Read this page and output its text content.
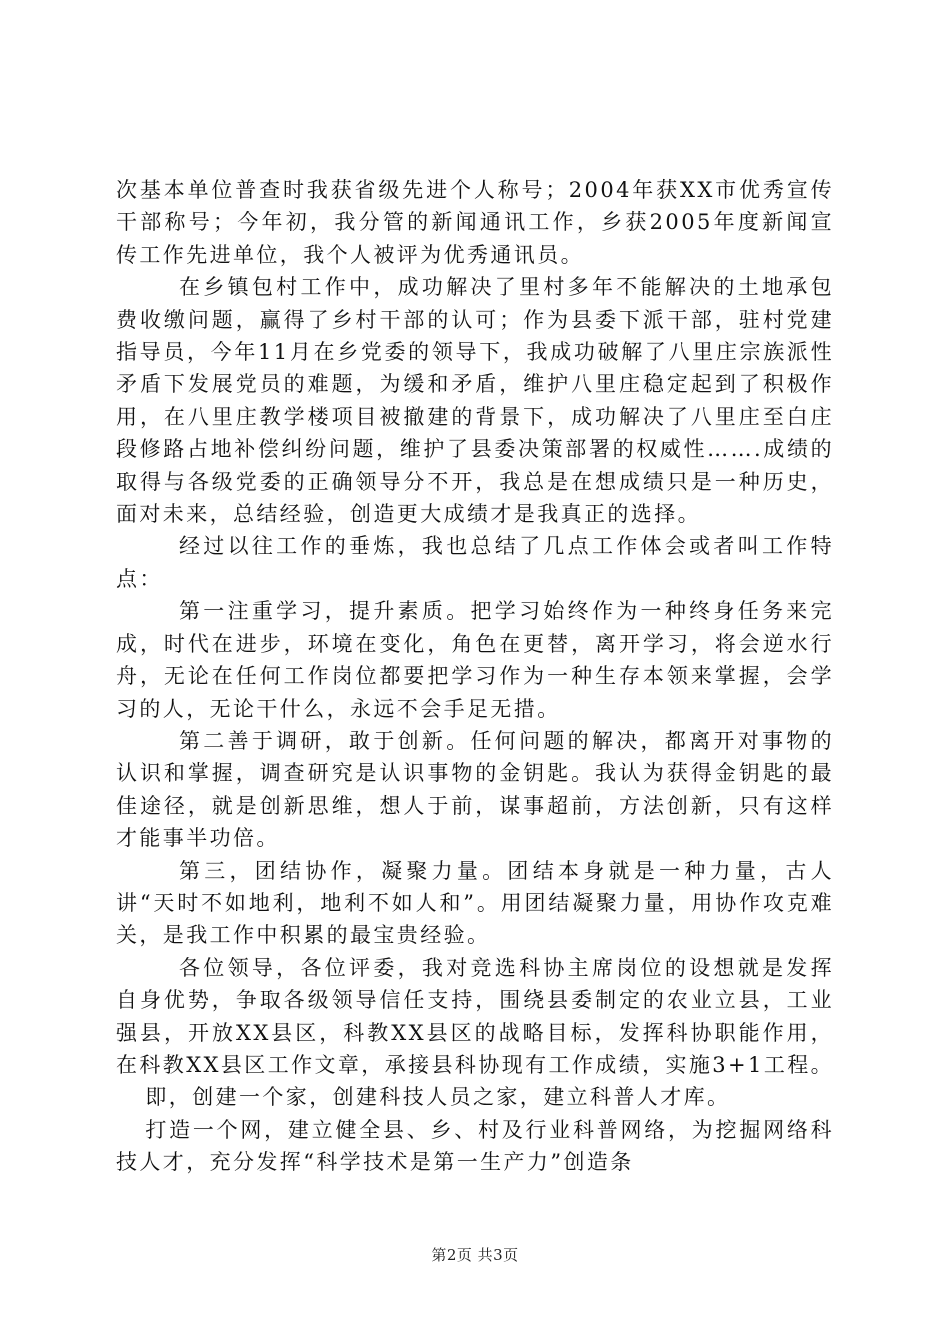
次基本单位普查时我获省级先进个人称号；2004年获XX市优秀宣传干部称号；今年初，我分管的新闻通讯工作，乡获2005年度新闻宣传工作先进单位，我个人被评为优秀通讯员。

在乡镇包村工作中，成功解决了里村多年不能解决的土地承包费收缴问题，赢得了乡村干部的认可；作为县委下派干部，驻村党建指导员，今年11月在乡党委的领导下，我成功破解了八里庄宗族派性矛盾下发展党员的难题，为缓和矛盾，维护八里庄稳定起到了积极作用，在八里庄教学楼项目被撤建的背景下，成功解决了八里庄至白庄段修路占地补偿纠纷问题，维护了县委决策部署的权威性…….成绩的取得与各级党委的正确领导分不开，我总是在想成绩只是一种历史，面对未来，总结经验，创造更大成绩才是我真正的选择。

经过以往工作的垂炼，我也总结了几点工作体会或者叫工作特点：

第一注重学习，提升素质。把学习始终作为一种终身任务来完成，时代在进步，环境在变化，角色在更替，离开学习，将会逆水行舟，无论在任何工作岗位都要把学习作为一种生存本领来掌握，会学习的人，无论干什么，永远不会手足无措。

第二善于调研，敢于创新。任何问题的解决，都离开对事物的认识和掌握，调查研究是认识事物的金钥匙。我认为获得金钥匙的最佳途径，就是创新思维，想人于前，谋事超前，方法创新，只有这样才能事半功倍。

第三，团结协作，凝聚力量。团结本身就是一种力量，古人讲“天时不如地利，地利不如人和”。用团结凝聚力量，用协作攻克难关，是我工作中积累的最宝贵经验。

各位领导，各位评委，我对竞选科协主席岗位的设想就是发挥自身优势，争取各级领导信任支持，围绕县委制定的农业立县，工业强县，开放XX县区，科教XX县区的战略目标，发挥科协职能作用，在科教XX县区工作文章，承接县科协现有工作成绩，实施3+1工程。

即，创建一个家，创建科技人员之家，建立科普人才库。

打造一个网，建立健全县、乡、村及行业科普网络，为挖掘网络科技人才，充分发挥“科学技术是第一生产力”创造条

第2页 共3页
